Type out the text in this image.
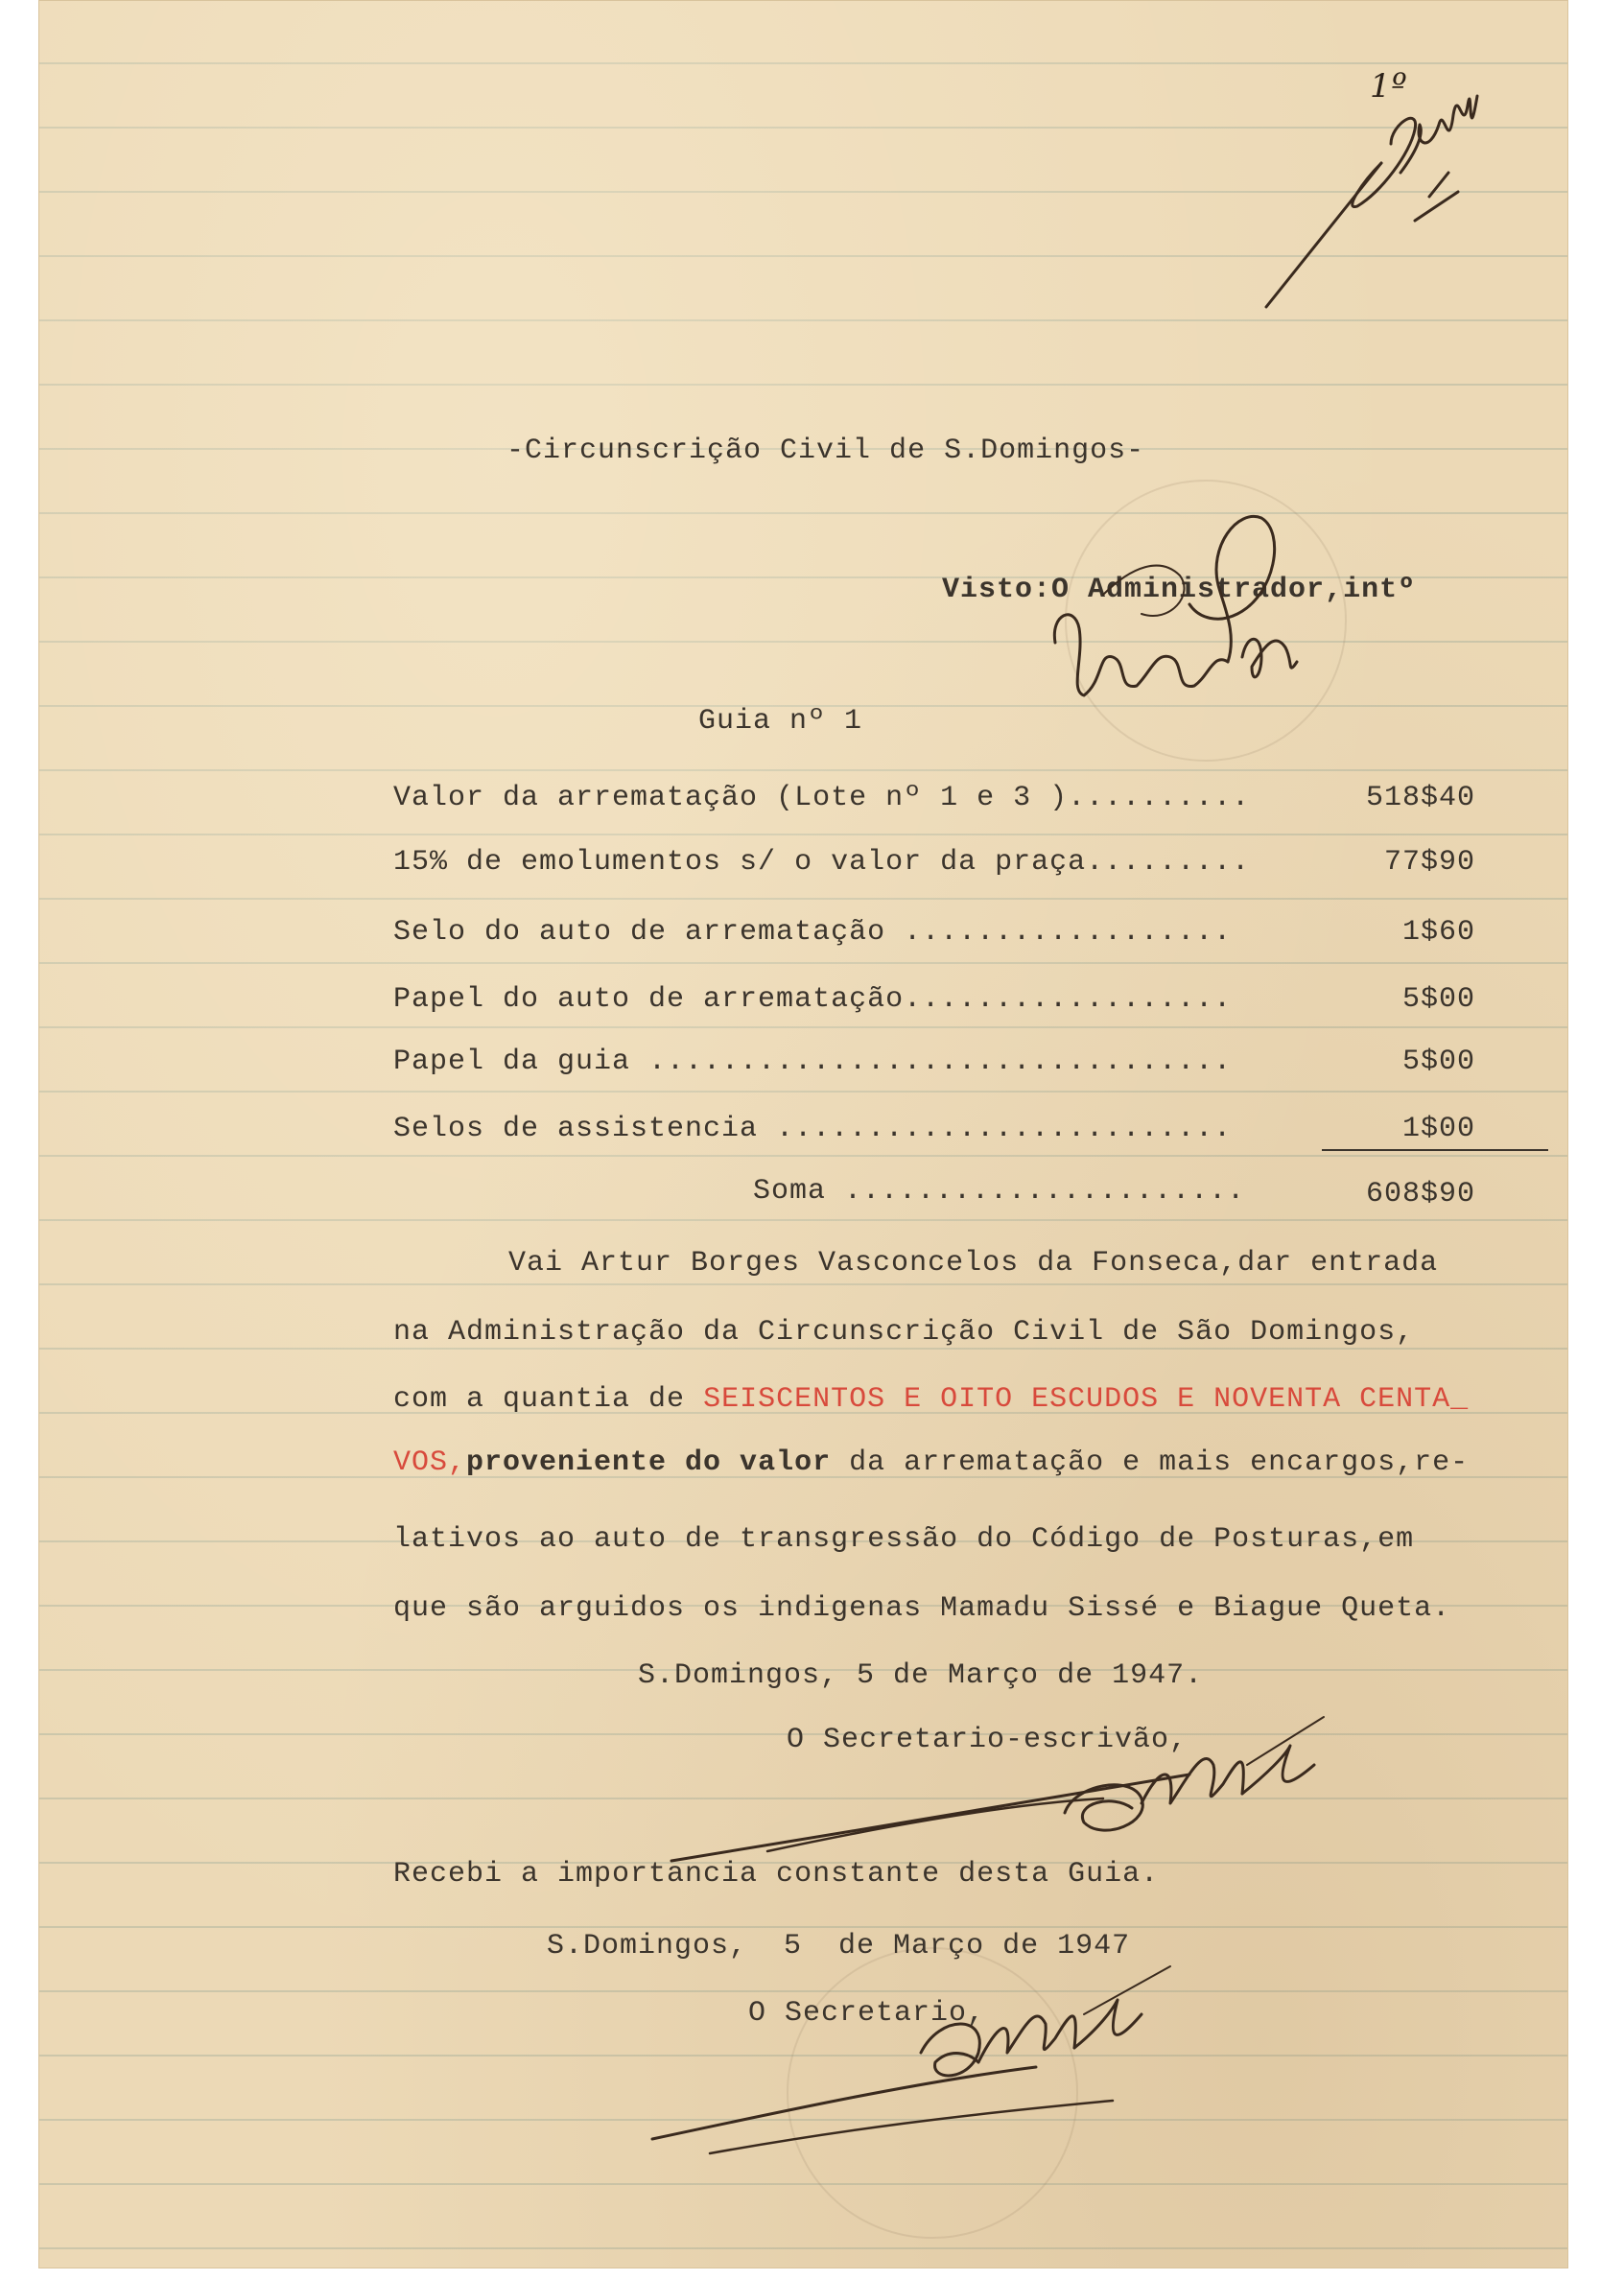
1º
-Circunscrição Civil de S.Domingos-
Visto:O Administrador,intº
Guia nº 1
Valor da arrematação (Lote nº 1 e 3 )..........	518$40
15% de emolumentos s/ o valor da praça.........	77$90
Selo do auto de arrematação ..................	1$60
Papel do auto de arrematação..................	5$00
Papel da guia ................................	5$00
Selos de assistencia .........................	1$00
Soma ......................	608$90
Vai Artur Borges Vasconcelos da Fonseca,dar entrada
na Administração da Circunscrição Civil de São Domingos,
com a quantia de SEISCENTOS E OITO ESCUDOS E NOVENTA CENTA_
VOS,proveniente do valor da arrematação e mais encargos,re-
lativos ao auto de transgressão do Código de Posturas,em
que são arguidos os indigenas Mamadu Sissé e Biague Queta.
S.Domingos, 5 de Março de 1947.
O Secretario-escrivão,
Recebi a importancia constante desta Guia.
S.Domingos,  5  de Março de 1947
O Secretario,
